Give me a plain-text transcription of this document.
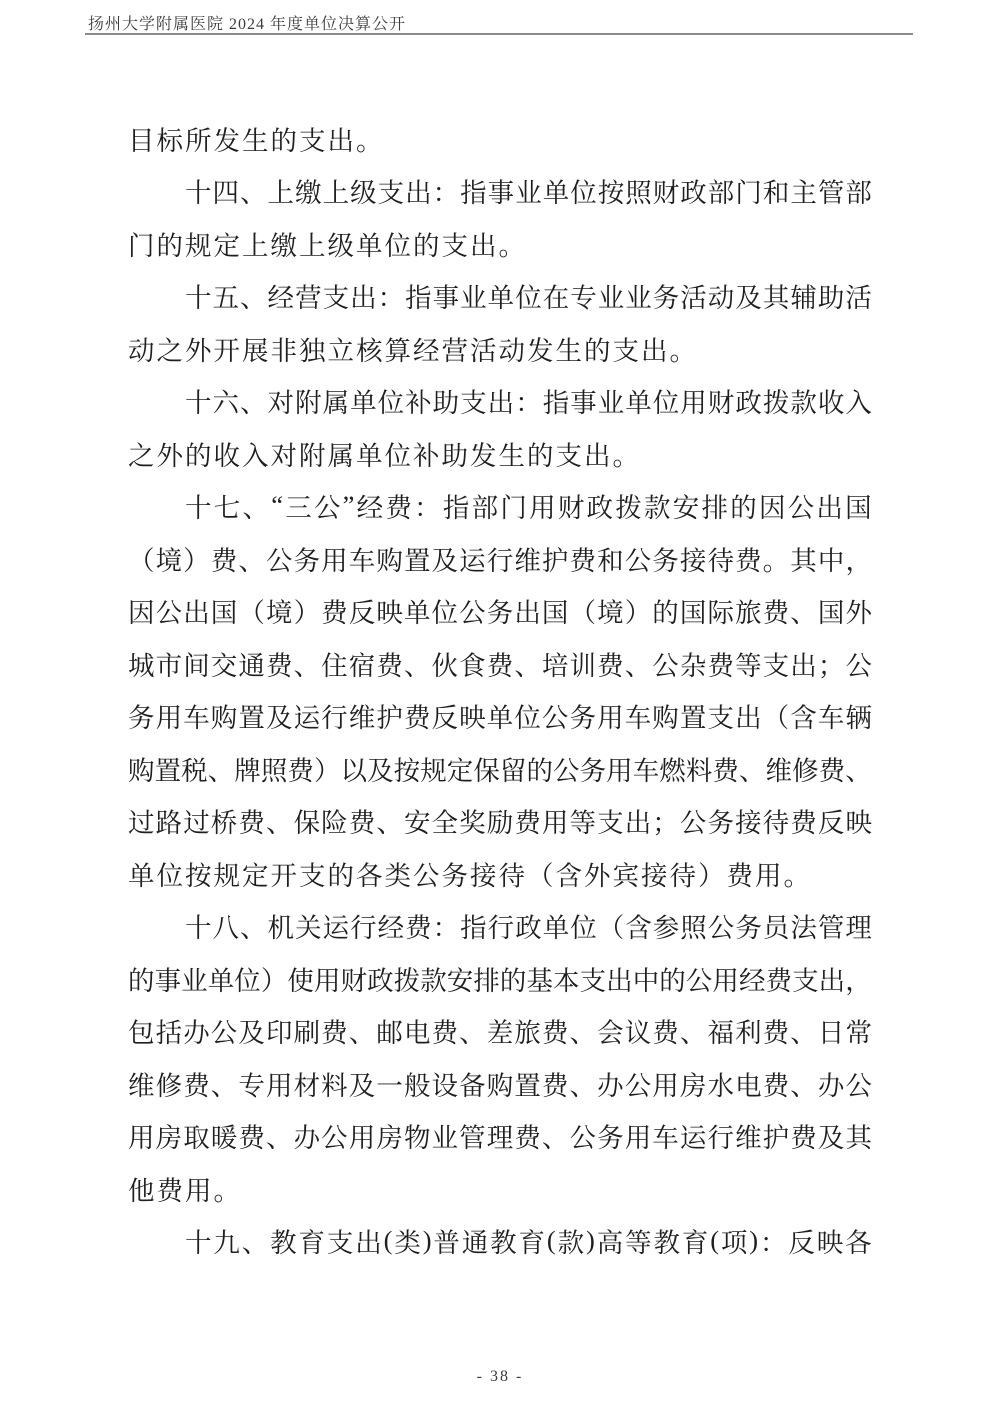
扬州大学附属医院 2024 年度单位决算公开
目标所发生的支出。
十 四 、 上 缴 上 级 支 出 ： 指 事 业 单 位 按 照 财 政 部 门 和 主 管 部
门的规定上缴上级单位的支出。
十 五 、 经 营 支 出 ： 指 事 业 单 位 在 专 业 业 务 活 动 及 其 辅 助 活
动之外开展非独立核算经营活动发生的支出。
十 六 、 对 附 属 单 位 补 助 支 出 ： 指 事 业 单 位 用 财 政 拨 款 收 入
之外的收入对附属单位补助发生的支出。
十 七 、 “ 三 公 ” 经 费 ： 指 部 门 用 财 政 拨 款 安 排 的 因 公 出 国
（ 境 ） 费 、 公 务 用 车 购 置 及 运 行 维 护 费 和 公 务 接 待 费 。 其 中 ，
因 公 出 国 （ 境 ） 费 反 映 单 位 公 务 出 国 （ 境 ） 的 国 际 旅 费 、 国 外
城 市 间 交 通 费 、 住 宿 费 、 伙 食 费 、 培 训 费 、 公 杂 费 等 支 出 ； 公
务 用 车 购 置 及 运 行 维 护 费 反 映 单 位 公 务 用 车 购 置 支 出 （ 含 车 辆
购 置 税 、 牌 照 费 ） 以 及 按 规 定 保 留 的 公 务 用 车 燃 料 费 、 维 修 费 、
过 路 过 桥 费 、 保 险 费 、 安 全 奖 励 费 用 等 支 出 ； 公 务 接 待 费 反 映
单位按规定开支的各类公务接待（含外宾接待）费用。
十 八 、 机 关 运 行 经 费 ： 指 行 政 单 位 （ 含 参 照 公 务 员 法 管 理
的 事 业 单 位 ） 使 用 财 政 拨 款 安 排 的 基 本 支 出 中 的 公 用 经 费 支 出 ，
包 括 办 公 及 印 刷 费 、 邮 电 费 、 差 旅 费 、 会 议 费 、 福 利 费 、 日 常
维 修 费 、 专 用 材 料 及 一 般 设 备 购 置 费 、 办 公 用 房 水 电 费 、 办 公
用 房 取 暖 费 、 办 公 用 房 物 业 管 理 费 、 公 务 用 车 运 行 维 护 费 及 其
他费用。
十 九 、 教 育 支 出 ( 类 ) 普 通 教 育 ( 款 ) 高 等 教 育 ( 项 ) ： 反 映 各
- 38 -
